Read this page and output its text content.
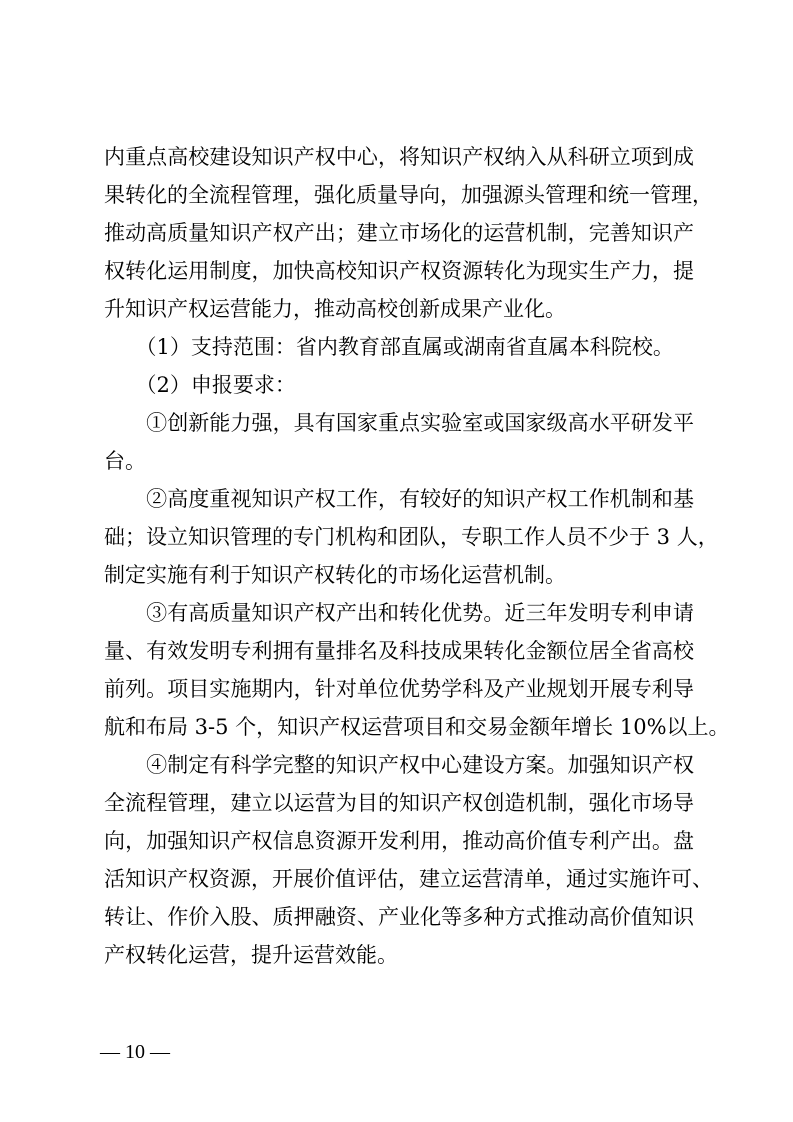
内重点高校建设知识产权中心，将知识产权纳入从科研立项到成
果转化的全流程管理，强化质量导向，加强源头管理和统一管理，
推动高质量知识产权产出；建立市场化的运营机制，完善知识产
权转化运用制度，加快高校知识产权资源转化为现实生产力，提
升知识产权运营能力，推动高校创新成果产业化。
　　（1）支持范围：省内教育部直属或湖南省直属本科院校。
　　（2）申报要求：
　　①创新能力强，具有国家重点实验室或国家级高水平研发平
台。
　　②高度重视知识产权工作，有较好的知识产权工作机制和基
础；设立知识管理的专门机构和团队，专职工作人员不少于 3 人，
制定实施有利于知识产权转化的市场化运营机制。
　　③有高质量知识产权产出和转化优势。近三年发明专利申请
量、有效发明专利拥有量排名及科技成果转化金额位居全省高校
前列。项目实施期内，针对单位优势学科及产业规划开展专利导
航和布局 3-5 个，知识产权运营项目和交易金额年增长 10%以上。
　　④制定有科学完整的知识产权中心建设方案。加强知识产权
全流程管理，建立以运营为目的知识产权创造机制，强化市场导
向，加强知识产权信息资源开发利用，推动高价值专利产出。盘
活知识产权资源，开展价值评估，建立运营清单，通过实施许可、
转让、作价入股、质押融资、产业化等多种方式推动高价值知识
产权转化运营，提升运营效能。
— 10 —
